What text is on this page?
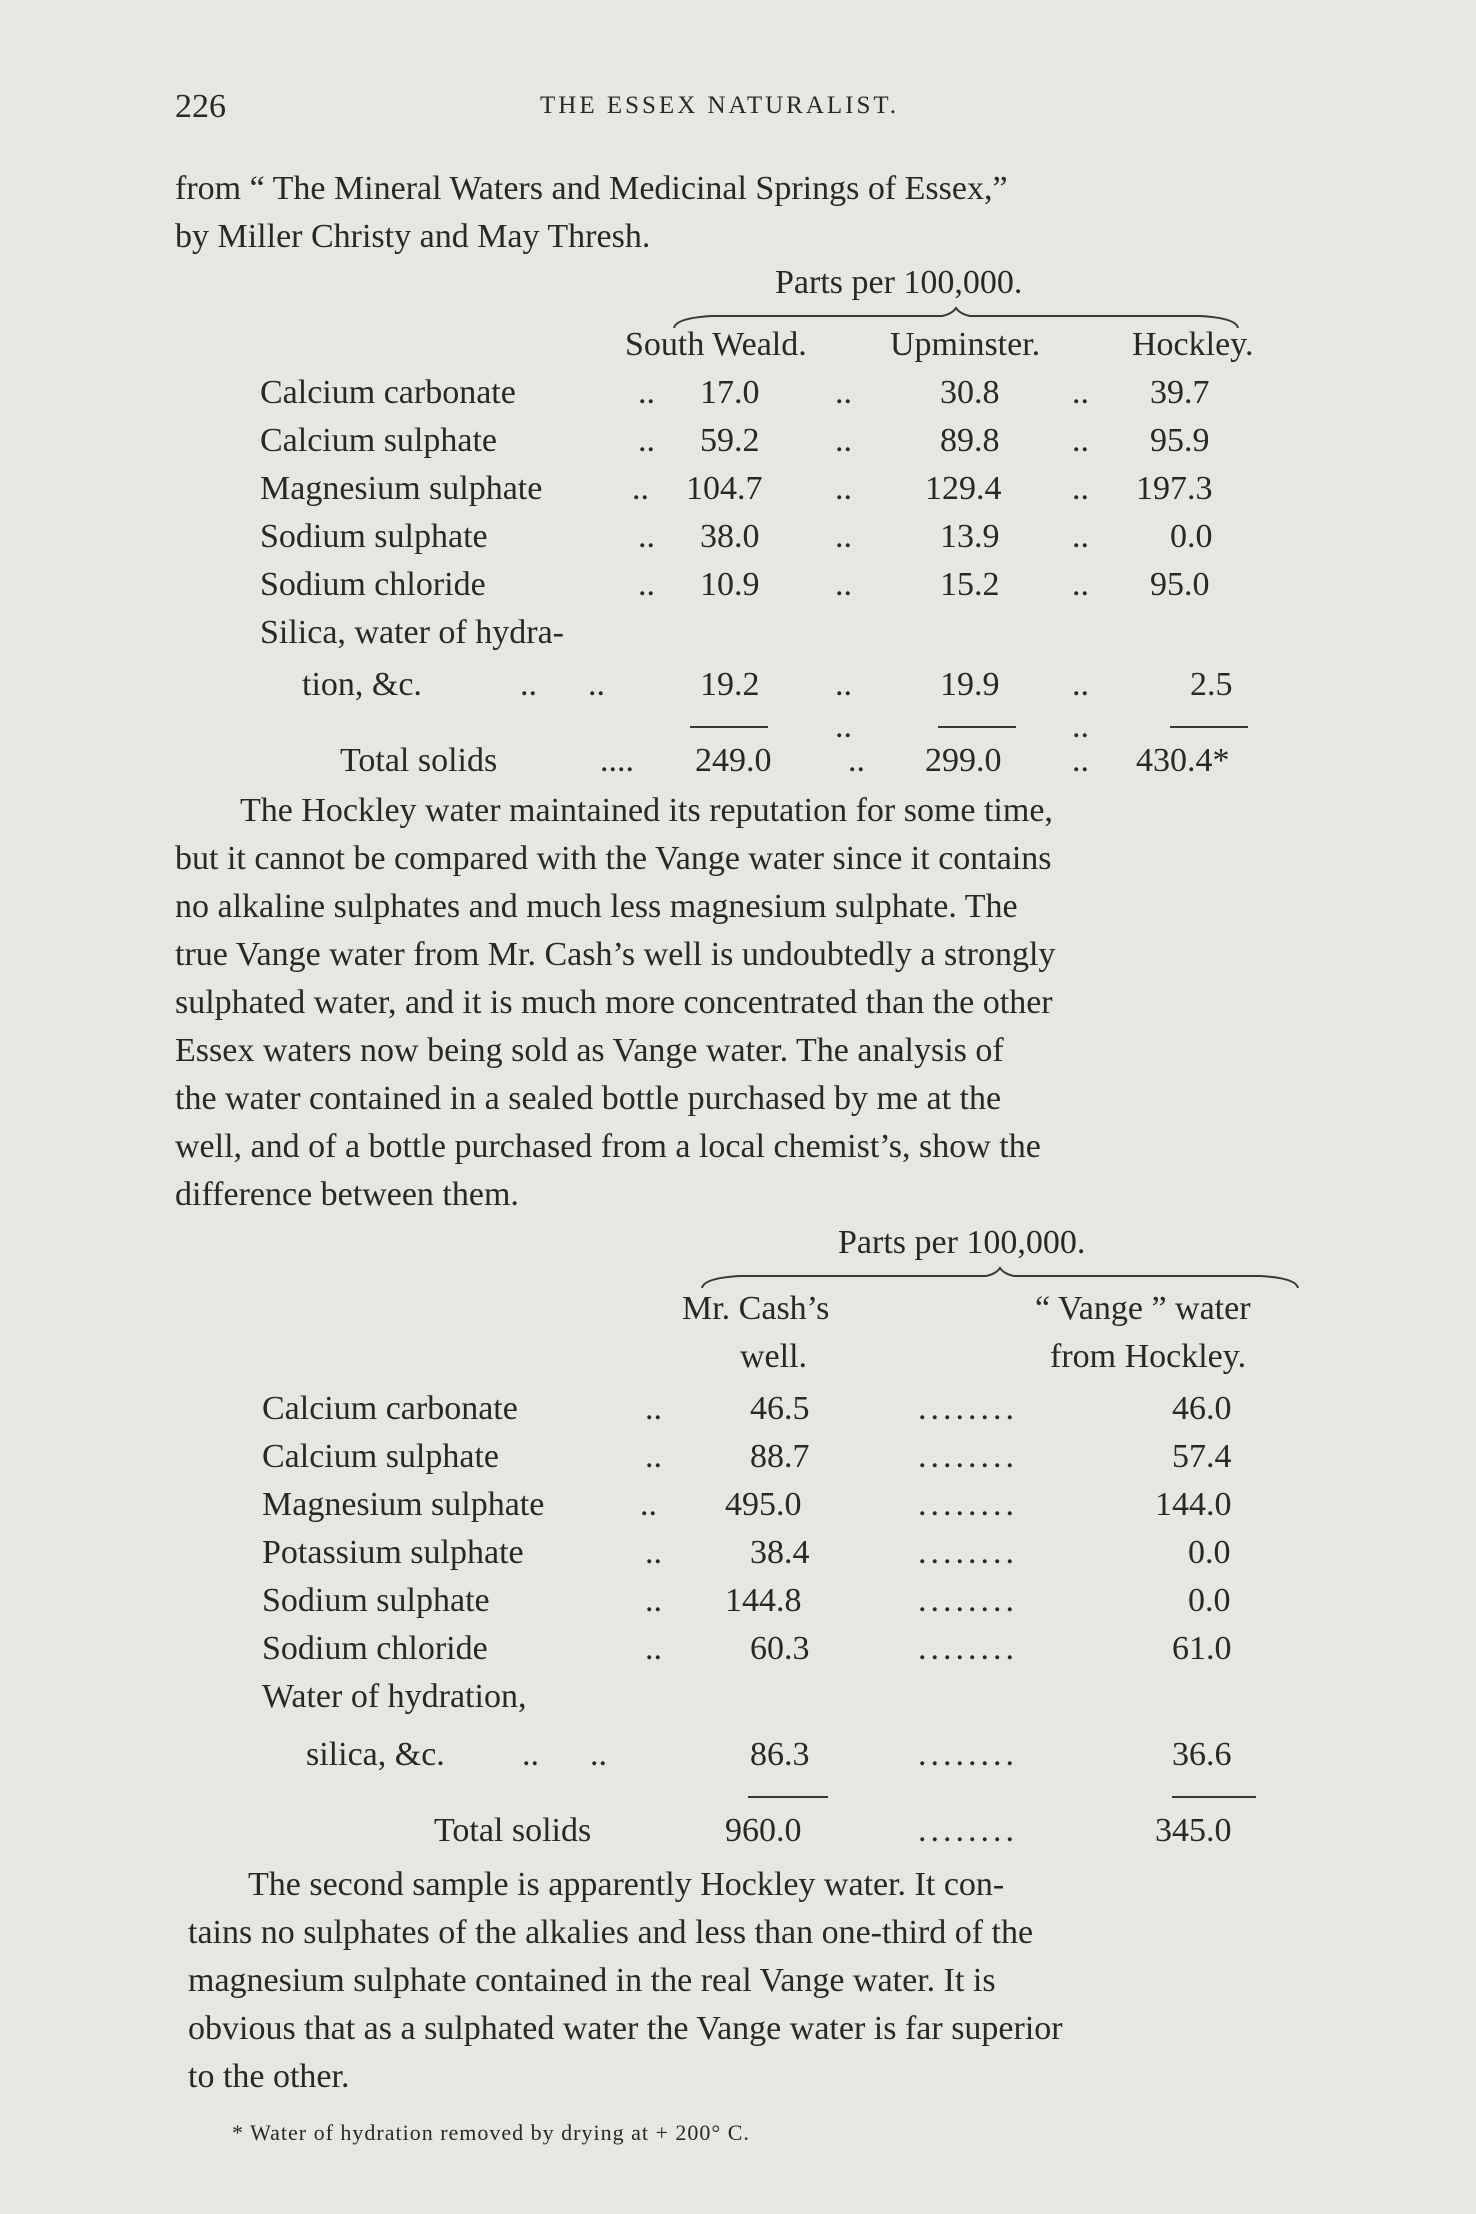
226	THE ESSEX NATURALIST.
from “ The Mineral Waters and Medicinal Springs of Essex,”
by Miller Christy and May Thresh.
Parts per 100,000.
South Weald. Upminster.	Hockley.
Calcium carbonate	.. 17.0 ..	30.8 .. 39.7
Calcium sulphate	.. 59.2 ..	89.8 .. 95.9
Magnesium sulphate	.. 104.7 .. 129.4 .. 197.3
Sodium sulphate	.. 38.0 ..	13.9 .. 0.0
Sodium chloride	.. 10.9 ..	15.2 .. 95.0
Silica, water of hydra-
tion, &c.	..      ..	19.2 ..	19.9 ..	2.5
..	..
Total solids	.... 249.0 .. 299.0 .. 430.4*
The Hockley water maintained its reputation for some time,
but it cannot be compared with the Vange water since it contains
no alkaline sulphates and much less magnesium sulphate. The
true Vange water from Mr. Cash’s well is undoubtedly a strongly
sulphated water, and it is much more concentrated than the other
Essex waters now being sold as Vange water. The analysis of
the water contained in a sealed bottle purchased by me at the
well, and of a bottle purchased from a local chemist’s, show the
difference between them.
Parts per 100,000.
Mr. Cash’s
well.
“ Vange ” water
from Hockley.
Calcium carbonate	..	46.5	........	46.0
Calcium sulphate	..	88.7	........	57.4
Magnesium sulphate	.. 495.0	........	144.0
Potassium sulphate	..	38.4	........	0.0
Sodium sulphate	.. 144.8	........	0.0
Sodium chloride	..	60.3	........	61.0
Water of hydration,
silica, &c. ..      ..	86.3	........	36.6
Total solids	960.0	........	345.0
The second sample is apparently Hockley water. It con-
tains no sulphates of the alkalies and less than one-third of the
magnesium sulphate contained in the real Vange water. It is
obvious that as a sulphated water the Vange water is far superior
to the other.
* Water of hydration removed by drying at + 200° C.
